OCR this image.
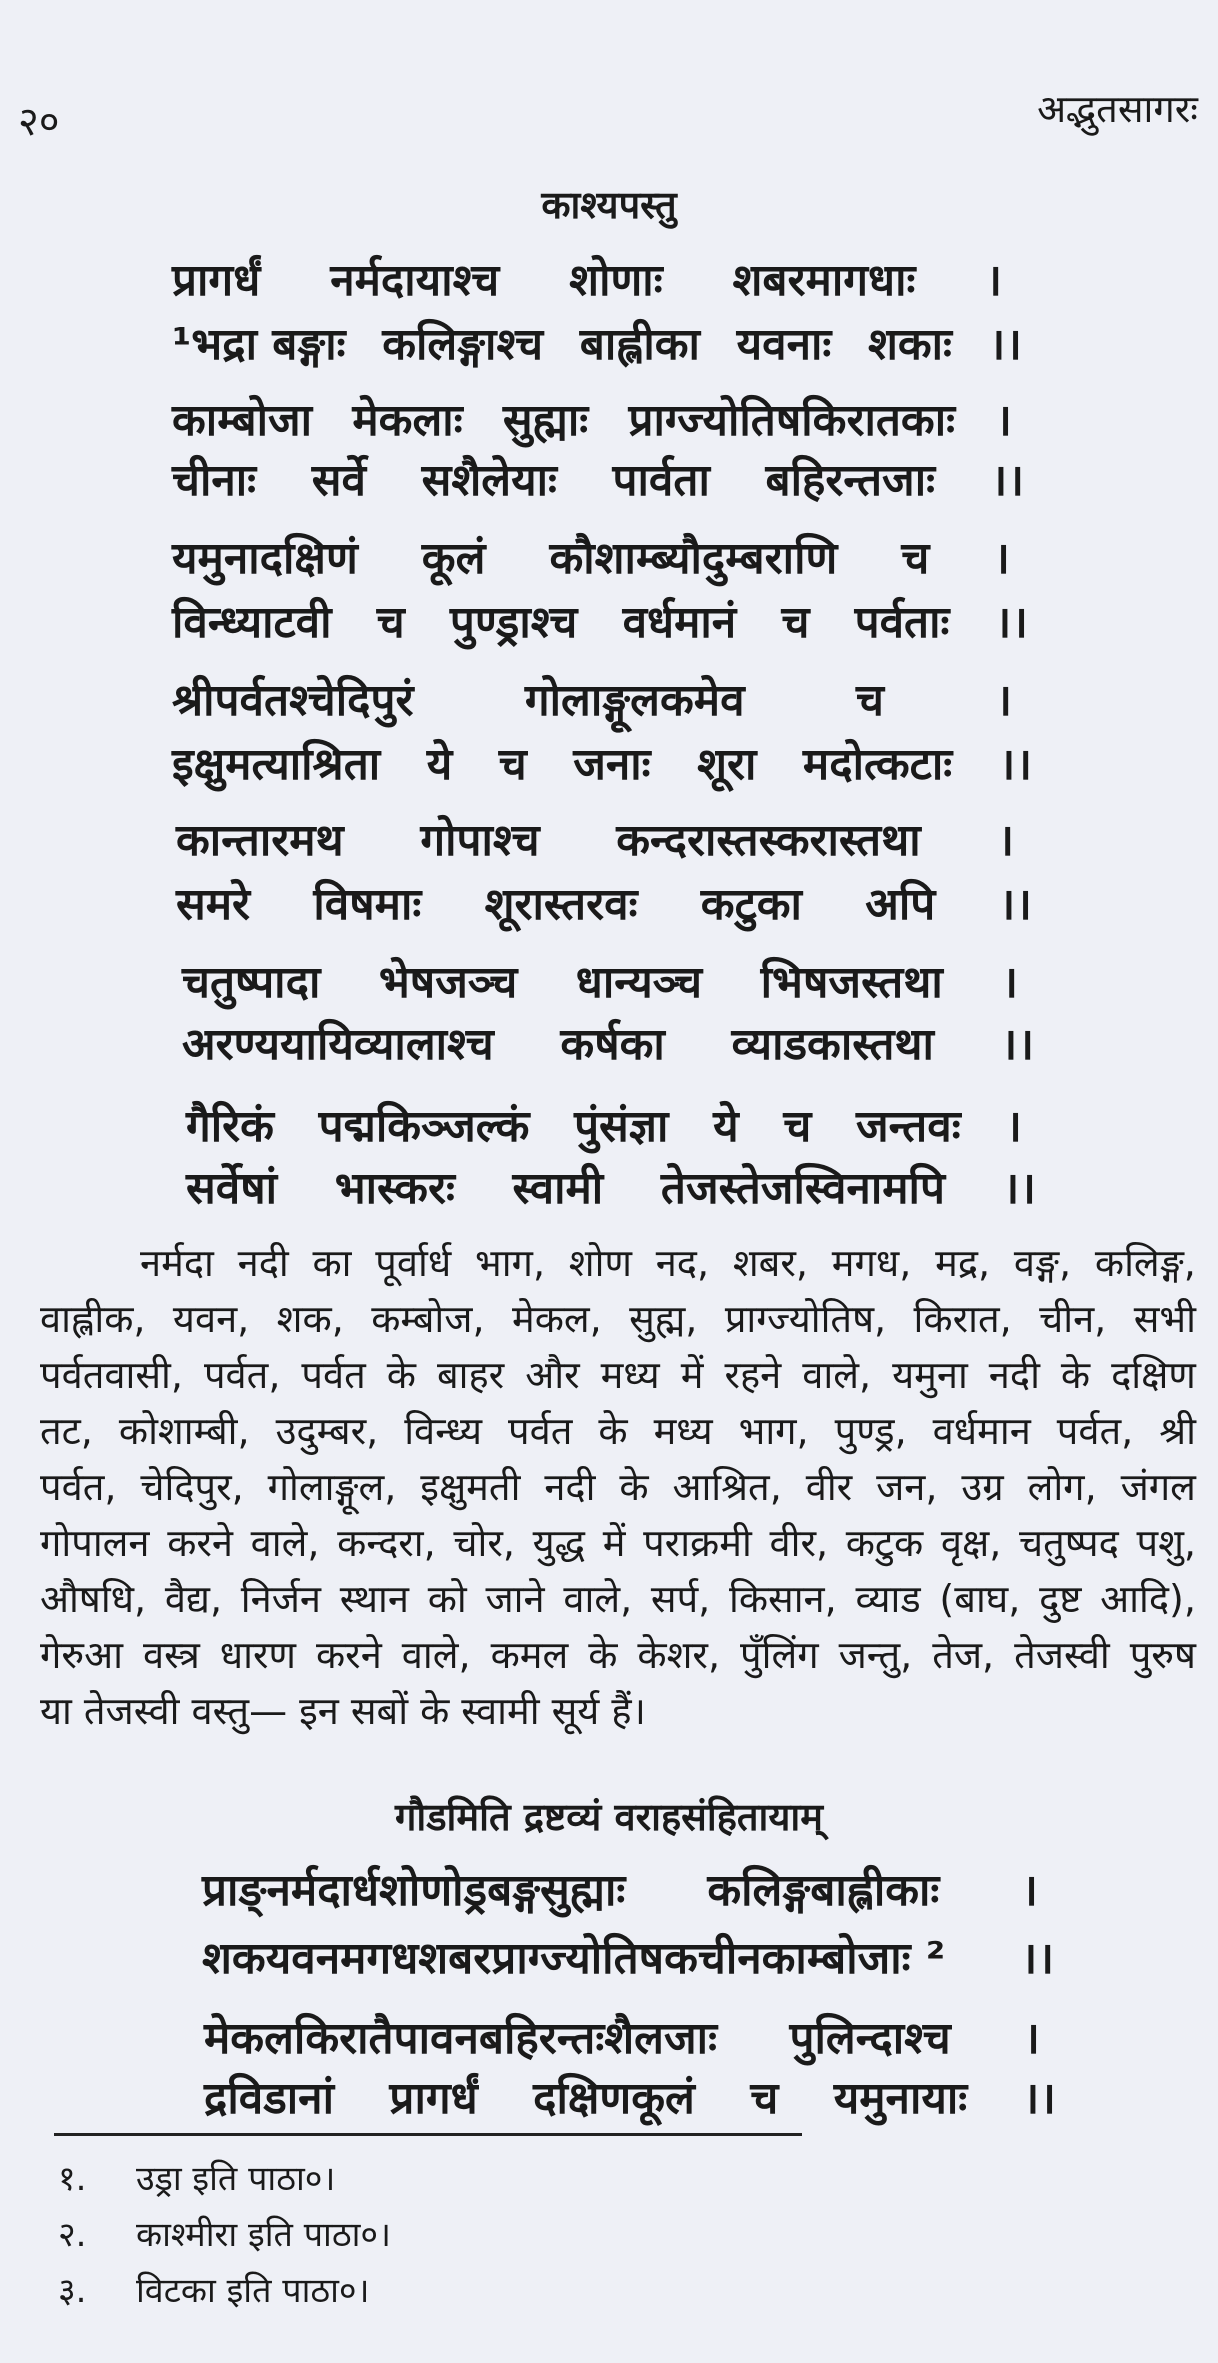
२०	अद्भुतसागरः
काश्यपस्तु
प्रागर्धं नर्मदायाश्च शोणाः शबरमागधाः ।
¹भद्रा बङ्गाः कलिङ्गाश्च बाह्लीका यवनाः शकाः ।।
काम्बोजा मेकलाः सुह्माः प्राग्ज्योतिषकिरातकाः ।
चीनाः सर्वे सशैलेयाः पार्वता बहिरन्तजाः ।।
यमुनादक्षिणं कूलं कौशाम्ब्यौदुम्बराणि च ।
विन्ध्याटवी च पुण्ड्राश्च वर्धमानं च पर्वताः ।।
श्रीपर्वतश्चेदिपुरं	गोलाङ्गूलकमेव	च	।
इक्षुमत्याश्रिता ये च जनाः शूरा मदोत्कटाः ।।
कान्तारमथ गोपाश्च कन्दरास्तस्करास्तथा ।
समरे विषमाः शूरास्तरवः कटुका अपि ।।
चतुष्पादा भेषजञ्च धान्यञ्च भिषजस्तथा ।
अरण्ययायिव्यालाश्च कर्षका व्याडकास्तथा ।।
गैरिकं पद्मकिञ्जल्कं पुंसंज्ञा ये च जन्तवः ।
सर्वेषां भास्करः स्वामी तेजस्तेजस्विनामपि ।।
नर्मदा नदी का पूर्वार्ध भाग, शोण नद, शबर, मगध, मद्र, वङ्ग, कलिङ्ग,
वाह्लीक, यवन, शक, कम्बोज, मेकल, सुह्म, प्राग्ज्योतिष, किरात, चीन, सभी
पर्वतवासी, पर्वत, पर्वत के बाहर और मध्य में रहने वाले, यमुना नदी के दक्षिण
तट, कोशाम्बी, उदुम्बर, विन्ध्य पर्वत के मध्य भाग, पुण्ड्र, वर्धमान पर्वत, श्री
पर्वत, चेदिपुर, गोलाङ्गूल, इक्षुमती नदी के आश्रित, वीर जन, उग्र लोग, जंगल
गोपालन करने वाले, कन्दरा, चोर, युद्ध में पराक्रमी वीर, कटुक वृक्ष, चतुष्पद पशु,
औषधि, वैद्य, निर्जन स्थान को जाने वाले, सर्प, किसान, व्याड (बाघ, दुष्ट आदि),
गेरुआ वस्त्र धारण करने वाले, कमल के केशर, पुँलिंग जन्तु, तेज, तेजस्वी पुरुष
या तेजस्वी वस्तु— इन सबों के स्वामी सूर्य हैं।
गौडमिति द्रष्टव्यं वराहसंहितायाम्
प्राङ्नर्मदार्धशोणोड्रबङ्गसुह्माः कलिङ्गबाह्लीकाः ।
शकयवनमगधशबरप्राग्ज्योतिषकचीनकाम्बोजाः ² ।।
मेकलकिरातैपावनबहिरन्तःशैलजाः पुलिन्दाश्च ।
द्रविडानां प्रागर्धं दक्षिणकूलं च यमुनायाः ।।
१. उड्रा इति पाठा०।
२. काश्मीरा इति पाठा०।
३. विटका इति पाठा०।
